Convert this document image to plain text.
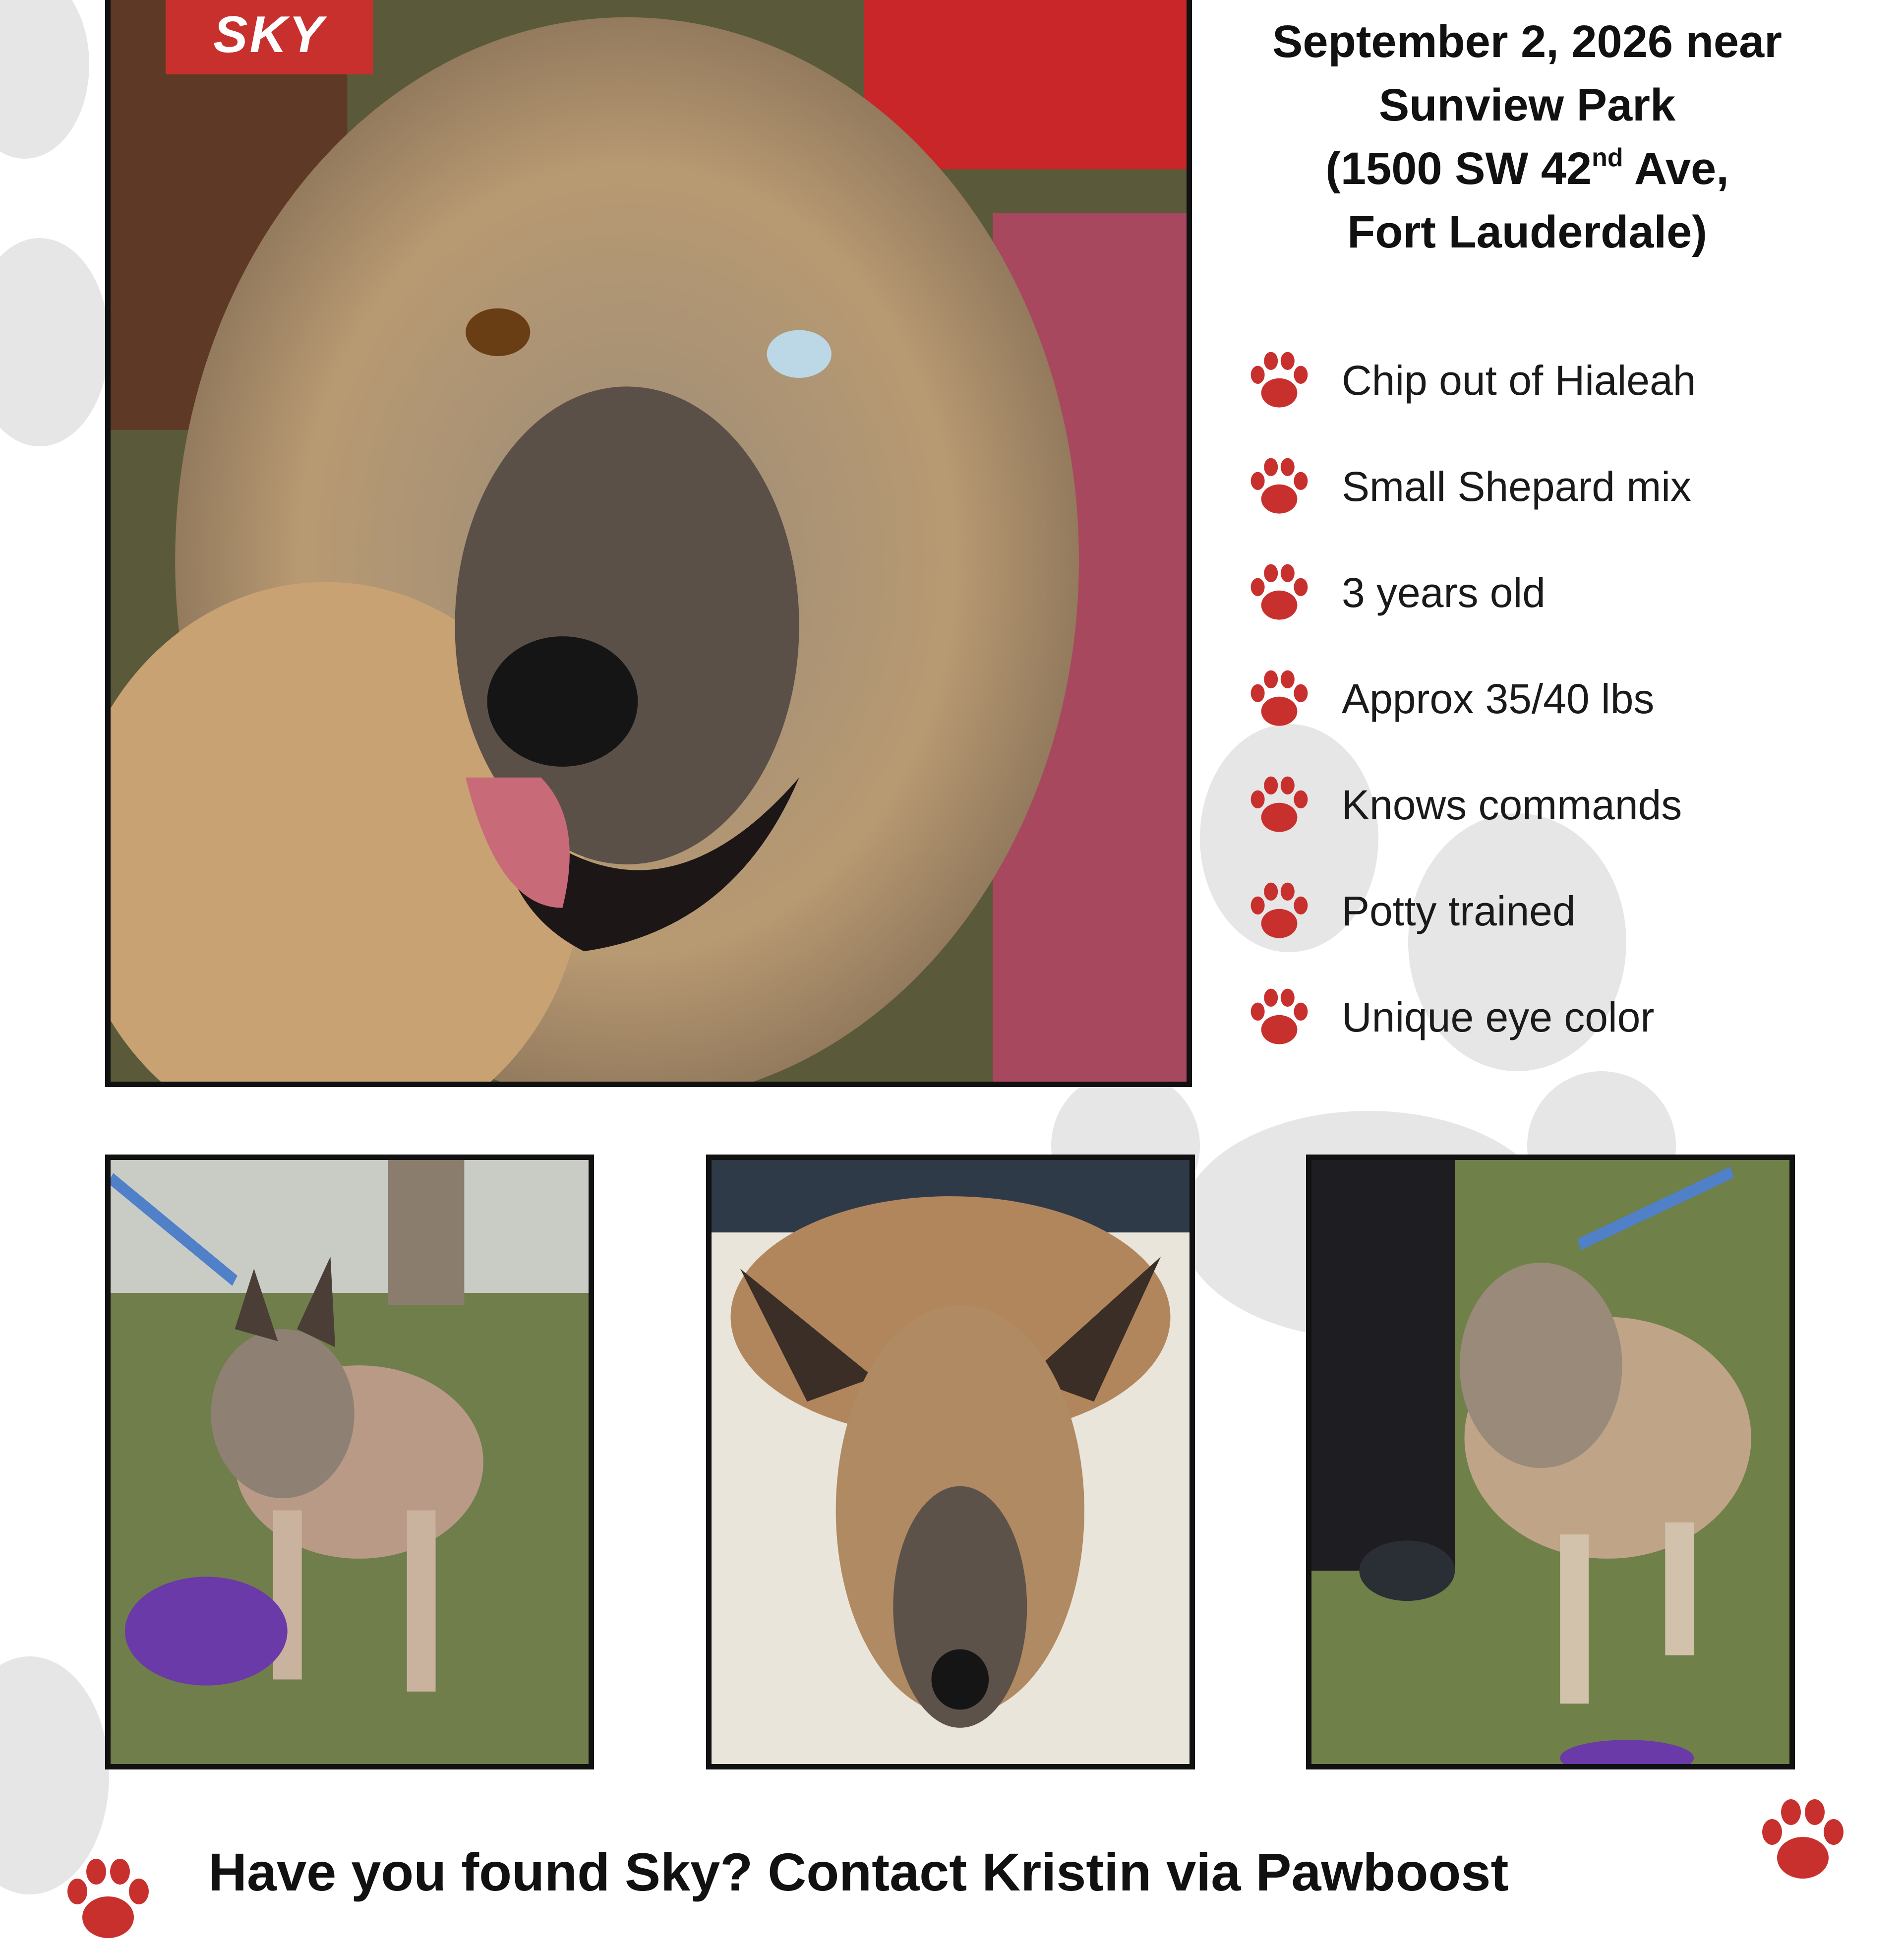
SKY	September 2, 2026 near
Sunview Park
(1500 SW 42nd Ave,
Fort Lauderdale)
Chip out of Hialeah
Small Shepard mix
3 years old
Approx 35/40 lbs
Knows commands
Potty trained
Unique eye color
Have you found Sky? Contact Kristin via Pawboost
